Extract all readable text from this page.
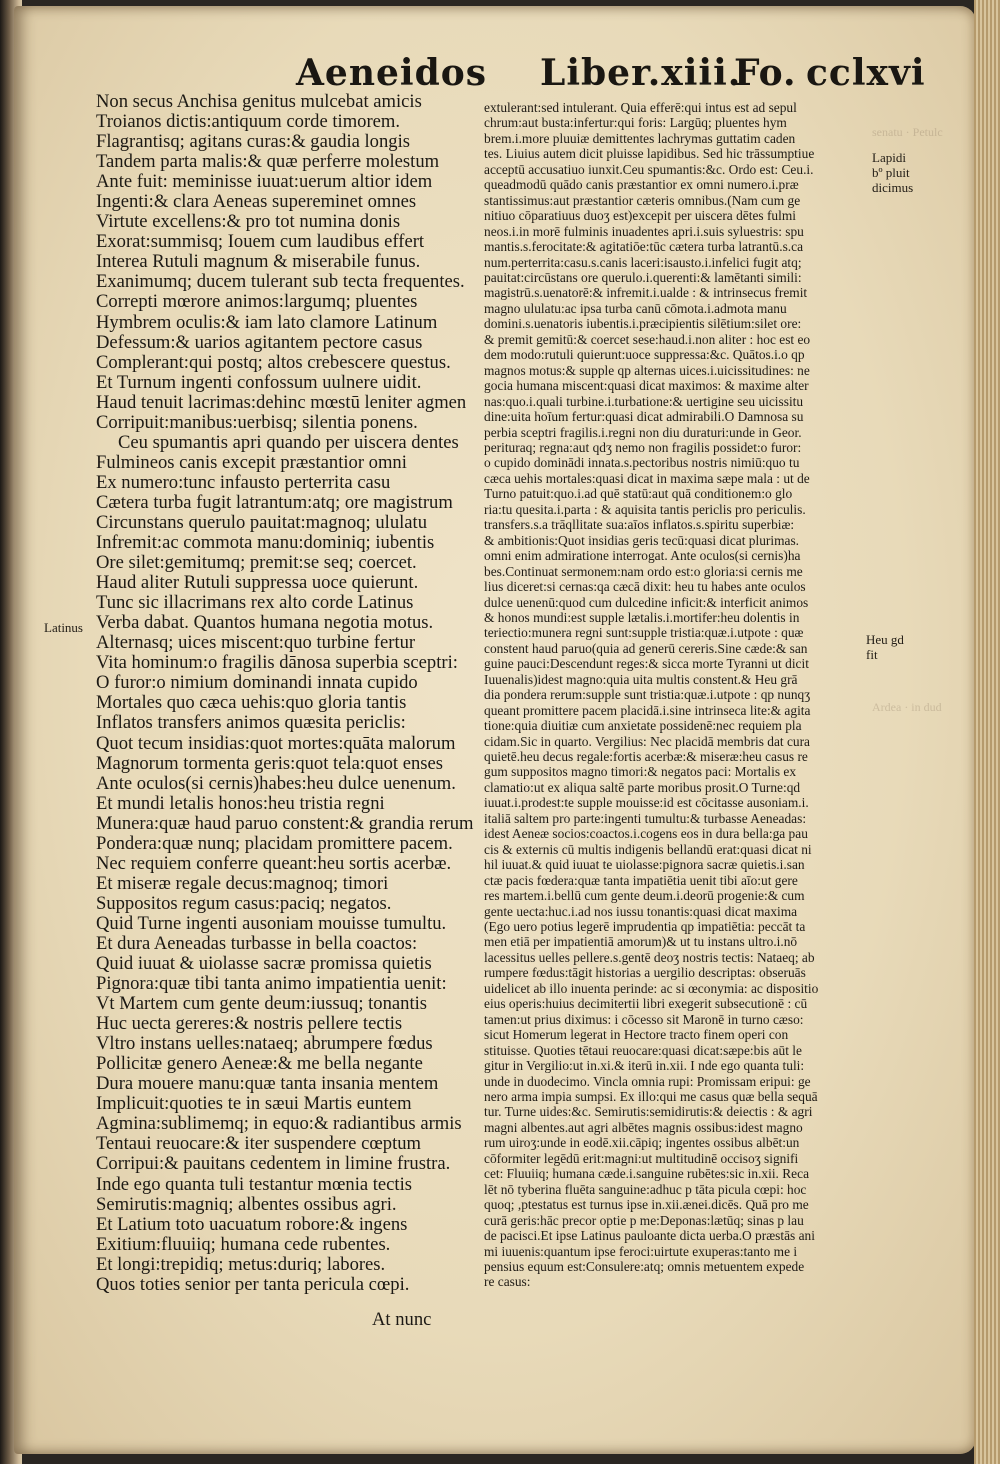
senatu · Petulc
Ardea · in dud
Aeneidos Liber.xiii.
Fo. cclxvi
Non secus Anchisa genitus mulcebat amicis
Troianos dictis:antiquum corde timorem.
Flagrantisq; agitans curas:& gaudia longis
Tandem parta malis:& quæ perferre molestum
Ante fuit: meminisse iuuat:uerum altior idem
Ingenti:& clara Aeneas supereminet omnes
Virtute excellens:& pro tot numina donis
Exorat:summisq; Iouem cum laudibus effert
Interea Rutuli magnum & miserabile funus.
Exanimumq; ducem tulerant sub tecta frequentes.
Correpti mœrore animos:largumq; pluentes
Hymbrem oculis:& iam lato clamore Latinum
Defessum:& uarios agitantem pectore casus
Complerant:qui postq; altos crebescere questus.
Et Turnum ingenti confossum uulnere uidit.
Haud tenuit lacrimas:dehinc mœstū leniter agmen
Corripuit:manibus:uerbisq; silentia ponens.
Ceu spumantis apri quando per uiscera dentes
Fulmineos canis excepit præstantior omni
Ex numero:tunc infausto perterrita casu
Cætera turba fugit latrantum:atq; ore magistrum
Circunstans querulo pauitat:magnoq; ululatu
Infremit:ac commota manu:dominiq; iubentis
Ore silet:gemitumq; premit:se seq; coercet.
Haud aliter Rutuli suppressa uoce quierunt.
Tunc sic illacrimans rex alto corde Latinus
Verba dabat. Quantos humana negotia motus.
Alternasq; uices miscent:quo turbine fertur
Vita hominum:o fragilis dānosa superbia sceptri:
O furor:o nimium dominandi innata cupido
Mortales quo cæca uehis:quo gloria tantis
Inflatos transfers animos quæsita periclis:
Quot tecum insidias:quot mortes:quāta malorum
Magnorum tormenta geris:quot tela:quot enses
Ante oculos(si cernis)habes:heu dulce uenenum.
Et mundi letalis honos:heu tristia regni
Munera:quæ haud paruo constent:& grandia rerum
Pondera:quæ nunq; placidam promittere pacem.
Nec requiem conferre queant:heu sortis acerbæ.
Et miseræ regale decus:magnoq; timori
Suppositos regum casus:paciq; negatos.
Quid Turne ingenti ausoniam mouisse tumultu.
Et dura Aeneadas turbasse in bella coactos:
Quid iuuat & uiolasse sacræ promissa quietis
Pignora:quæ tibi tanta animo impatientia uenit:
Vt Martem cum gente deum:iussuq; tonantis
Huc uecta gereres:& nostris pellere tectis
Vltro instans uelles:nataeq; abrumpere fœdus
Pollicitæ genero Aeneæ:& me bella negante
Dura mouere manu:quæ tanta insania mentem
Implicuit:quoties te in sæui Martis euntem
Agmina:sublimemq; in equo:& radiantibus armis
Tentaui reuocare:& iter suspendere cœptum
Corripui:& pauitans cedentem in limine frustra.
Inde ego quanta tuli testantur mœnia tectis
Semirutis:magniq; albentes ossibus agri.
Et Latium toto uacuatum robore:& ingens
Exitium:fluuiiq; humana cede rubentes.
Et longi:trepidiq; metus:duriq; labores.
Quos toties senior per tanta pericula cœpi.
At nunc
extulerant:sed intulerant. Quia efferē:qui intus est ad sepul
chrum:aut busta:infertur:qui foris: Largūq; pluentes hym
brem.i.more pluuiæ demittentes lachrymas guttatim caden
tes. Liuius autem dicit pluisse lapidibus. Sed hic trāssumptiue
acceptū accusatiuo iunxit.Ceu spumantis:&c. Ordo est: Ceu.i.
queadmodū quādo canis præstantior ex omni numero.i.præ
stantissimus:aut præstantior cæteris omnibus.(Nam cum ge
nitiuo cōparatiuus duoʒ est)excepit per uiscera dētes fulmi
neos.i.in morē fulminis inuadentes apri.i.suis syluestris: spu
mantis.s.ferocitate:& agitatiōe:tūc cætera turba latrantū.s.ca
num.perterrita:casu.s.canis laceri:isausto.i.infelici fugit atq;
pauitat:circūstans ore querulo.i.querenti:& lamētanti simili:
magistrū.s.uenatorē:& infremit.i.ualde : & intrinsecus fremit
magno ululatu:ac ipsa turba canū cōmota.i.admota manu
domini.s.uenatoris iubentis.i.præcipientis silētium:silet ore:
& premit gemitū:& coercet sese:haud.i.non aliter : hoc est eo
dem modo:rutuli quierunt:uoce suppressa:&c. Quātos.i.o qp
magnos motus:& supple qp alternas uices.i.uicissitudines: ne
gocia humana miscent:quasi dicat maximos: & maxime alter
nas:quo.i.quali turbine.i.turbatione:& uertigine seu uicissitu
dine:uita hoīum fertur:quasi dicat admirabili.O Damnosa su
perbia sceptri fragilis.i.regni non diu duraturi:unde in Geor.
perituraq; regna:aut qdʒ nemo non fragilis possidet:o furor:
o cupido dominādi innata.s.pectoribus nostris nimiū:quo tu
cæca uehis mortales:quasi dicat in maxima sæpe mala : ut de
Turno patuit:quo.i.ad quē statū:aut quā conditionem:o glo
ria:tu quesita.i.parta : & aquisita tantis periclis pro periculis.
transfers.s.a trāqllitate sua:aīos inflatos.s.spiritu superbiæ:
& ambitionis:Quot insidias geris tecū:quasi dicat plurimas.
omni enim admiratione interrogat. Ante oculos(si cernis)ha
bes.Continuat sermonem:nam ordo est:o gloria:si cernis me
lius diceret:si cernas:qa cæcā dixit: heu tu habes ante oculos
dulce uenenū:quod cum dulcedine inficit:& interficit animos
& honos mundi:est supple lætalis.i.mortifer:heu dolentis in
teriectio:munera regni sunt:supple tristia:quæ.i.utpote : quæ
constent haud paruo(quia ad generū cereris.Sine cæde:& san
guine pauci:Descendunt reges:& sicca morte Tyranni ut dicit
Iuuenalis)idest magno:quia uita multis constent.& Heu grā
dia pondera rerum:supple sunt tristia:quæ.i.utpote : qp nunqʒ
queant promittere pacem placidā.i.sine intrinseca lite:& agita
tione:quia diuitiæ cum anxietate possidenē:nec requiem pla
cidam.Sic in quarto. Vergilius: Nec placidā membris dat cura
quietē.heu decus regale:fortis acerbæ:& miseræ:heu casus re
gum suppositos magno timori:& negatos paci: Mortalis ex
clamatio:ut ex aliqua saltē parte moribus prosit.O Turne:qd
iuuat.i.prodest:te supple mouisse:id est cōcitasse ausoniam.i.
italiā saltem pro parte:ingenti tumultu:& turbasse Aeneadas:
idest Aeneæ socios:coactos.i.cogens eos in dura bella:ga pau
cis & externis cū multis indigenis bellandū erat:quasi dicat ni
hil iuuat.& quid iuuat te uiolasse:pignora sacræ quietis.i.san
ctæ pacis fœdera:quæ tanta impatiētia uenit tibi aīo:ut gere
res martem.i.bellū cum gente deum.i.deorū progenie:& cum
gente uecta:huc.i.ad nos iussu tonantis:quasi dicat maxima
(Ego uero potius legerē imprudentia qp impatiētia: peccāt ta
men etiā per impatientiā amorum)& ut tu instans ultro.i.nō
lacessitus uelles pellere.s.gentē deoʒ nostris tectis: Nataeq; ab
rumpere fœdus:tāgit historias a uergilio descriptas: obseruās
uidelicet ab illo inuenta perinde: ac si œconymia: ac dispositio
eius operis:huius decimitertii libri exegerit subsecutionē : cū
tamen:ut prius diximus: i cōcesso sit Maronē in turno cæso:
sicut Homerum legerat in Hectore tracto finem operi con
stituisse. Quoties tētaui reuocare:quasi dicat:sæpe:bis aūt le
gitur in Vergilio:ut in.xi.& iterū in.xii. I nde ego quanta tuli:
unde in duodecimo. Vincla omnia rupi: Promissam eripui: ge
nero arma impia sumpsi. Ex illo:qui me casus quæ bella sequā
tur. Turne uides:&c. Semirutis:semidirutis:& deiectis : & agri
magni albentes.aut agri albētes magnis ossibus:idest magno
rum uiroʒ:unde in eodē.xii.cāpiq; ingentes ossibus albēt:un
cōformiter legēdū erit:magni:ut multitudinē occisoʒ signifi
cet: Fluuiiq; humana cæde.i.sanguine rubētes:sic in.xii. Reca
lēt nō tyberina fluēta sanguine:adhuc p tāta picula cœpi: hoc
quoq; ,ptestatus est turnus ipse in.xii.ænei.dicēs. Quā pro me
curā geris:hāc precor optie p me:Deponas:lætūq; sinas p lau
de pacisci.Et ipse Latinus pauloante dicta uerba.O præstās ani
mi iuuenis:quantum ipse feroci:uirtute exuperas:tanto me i
pensius equum est:Consulere:atq; omnis metuentem expede
re casus:
Latinus
Lapidi
bº pluit
dicimus
Heu gd
fit
